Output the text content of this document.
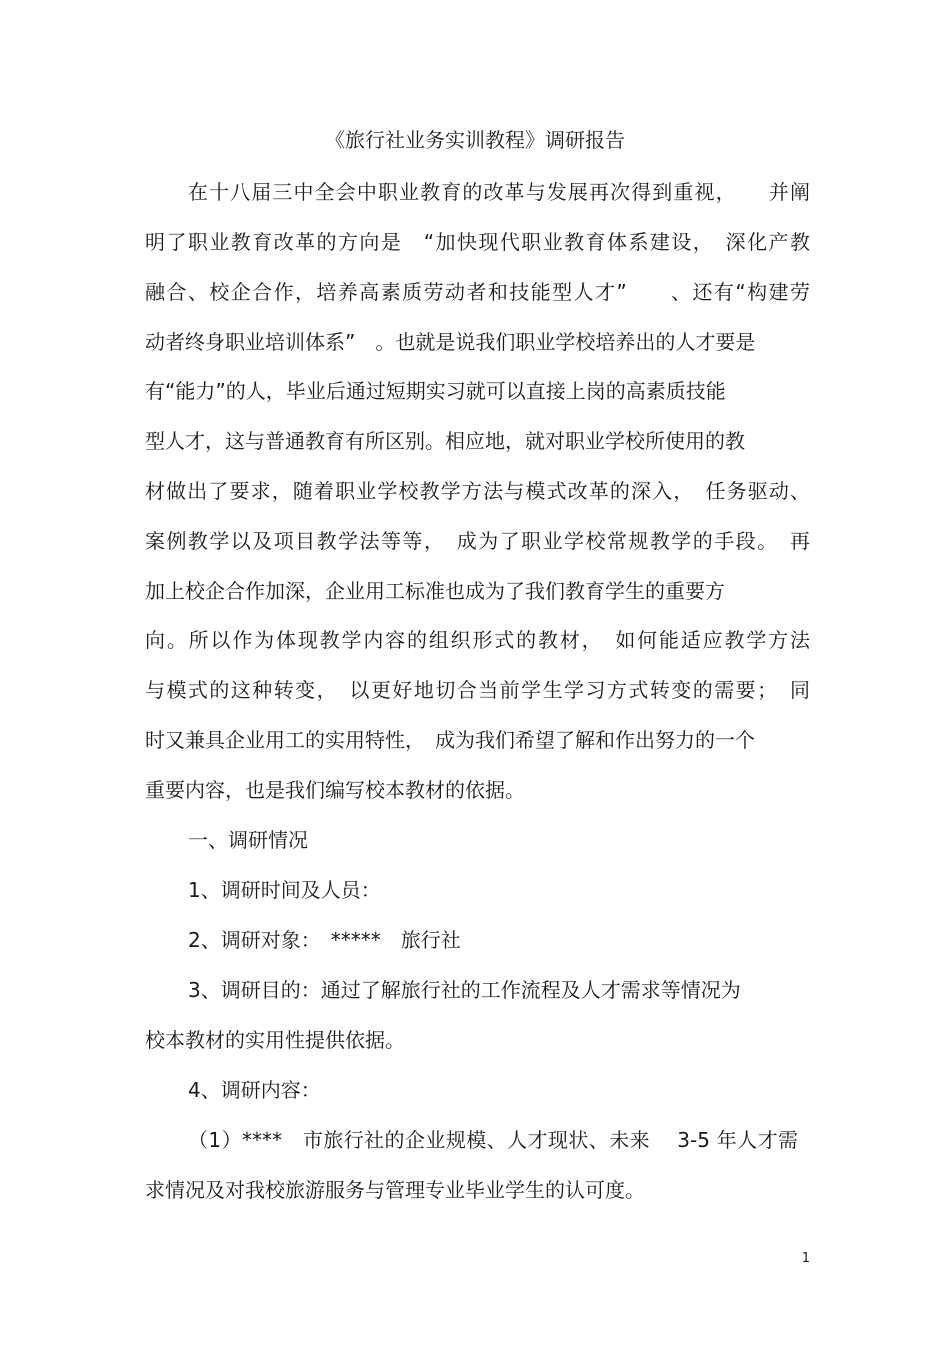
《旅行社业务实训教程》调研报告
在十八届三中全会中职业教育的改革与发展再次得到重视，　　并阐
明了职业教育改革的方向是　“加快现代职业教育体系建设，　深化产教
融合、校企合作，培养高素质劳动者和技能型人才”　　、还有“构建劳
动者终身职业培训体系”　。也就是说我们职业学校培养出的人才要是
有“能力”的人，毕业后通过短期实习就可以直接上岗的高素质技能
型人才，这与普通教育有所区别。相应地，就对职业学校所使用的教
材做出了要求，随着职业学校教学方法与模式改革的深入，　任务驱动、
案例教学以及项目教学法等等，　成为了职业学校常规教学的手段。　再
加上校企合作加深，企业用工标准也成为了我们教育学生的重要方
向。所以作为体现教学内容的组织形式的教材，　如何能适应教学方法
与模式的这种转变，　以更好地切合当前学生学习方式转变的需要；　同
时又兼具企业用工的实用特性，　成为我们希望了解和作出努力的一个
重要内容，也是我们编写校本教材的依据。
一、调研情况
1、调研时间及人员：
2、调研对象：　*****　旅行社
3、调研目的：通过了解旅行社的工作流程及人才需求等情况为
校本教材的实用性提供依据。
4、调研内容：
（1）****　市旅行社的企业规模、人才现状、未来　 3-5 年人才需
求情况及对我校旅游服务与管理专业毕业学生的认可度。
1
